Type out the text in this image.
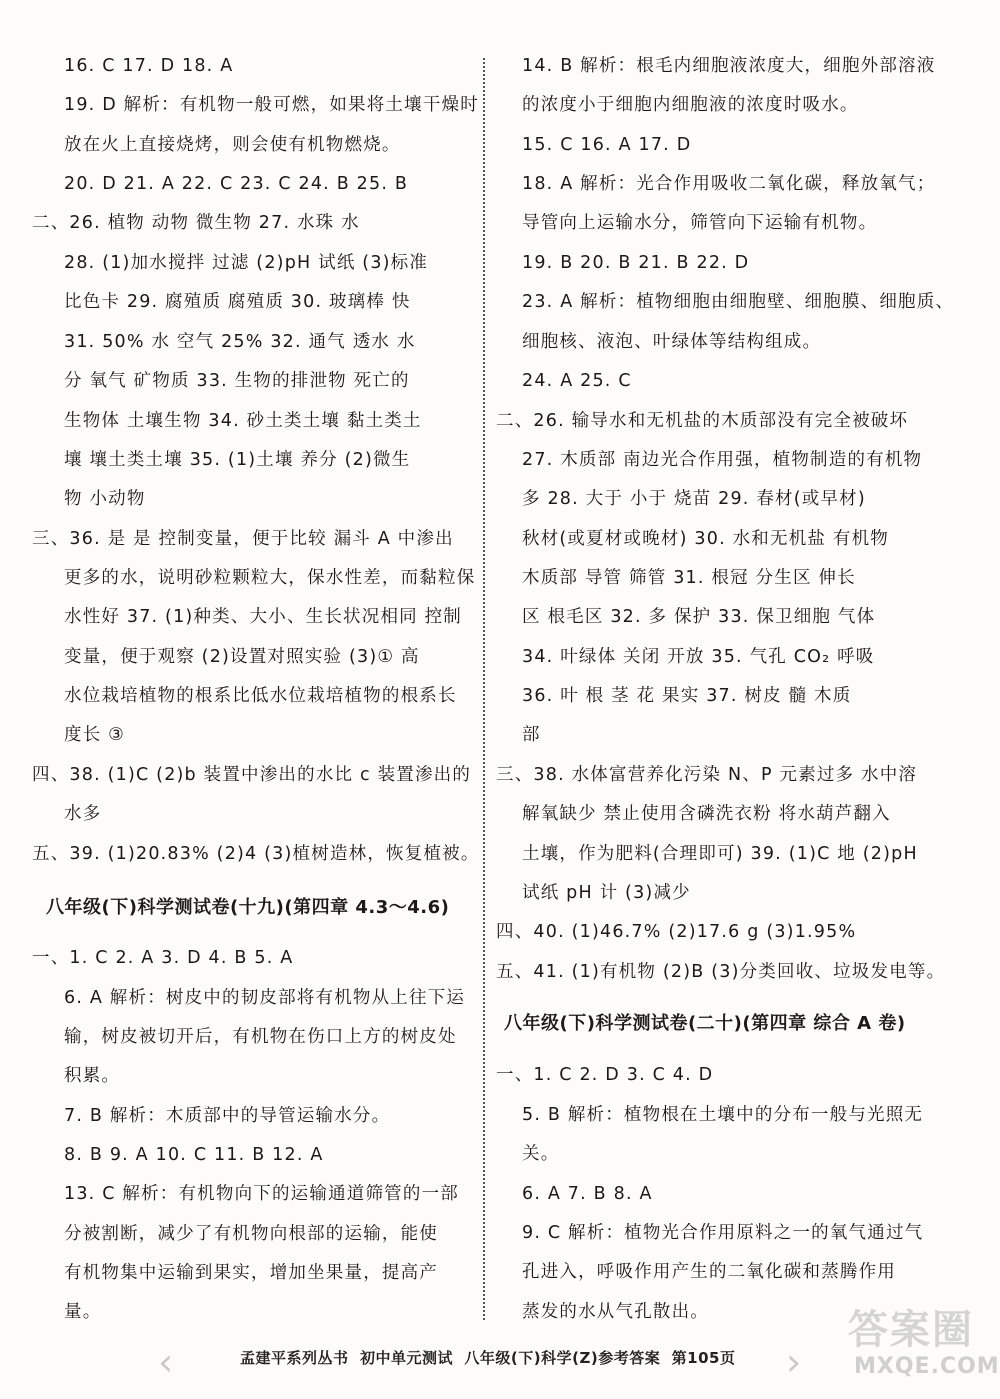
16. C 17. D 18. A
19. D 解析：有机物一般可燃，如果将土壤干燥时
放在火上直接烧烤，则会使有机物燃烧。
20. D 21. A 22. C 23. C 24. B 25. B
二、26. 植物 动物 微生物 27. 水珠 水
28. (1)加水搅拌 过滤 (2)pH 试纸 (3)标准
比色卡 29. 腐殖质 腐殖质 30. 玻璃棒 快
31. 50% 水 空气 25% 32. 通气 透水 水
分 氧气 矿物质 33. 生物的排泄物 死亡的
生物体 土壤生物 34. 砂土类土壤 黏土类土
壤 壤土类土壤 35. (1)土壤 养分 (2)微生
物 小动物
三、36. 是 是 控制变量，便于比较 漏斗 A 中渗出
更多的水，说明砂粒颗粒大，保水性差，而黏粒保
水性好 37. (1)种类、大小、生长状况相同 控制
变量，便于观察 (2)设置对照实验 (3)① 高
水位栽培植物的根系比低水位栽培植物的根系长
度长 ③
四、38. (1)C (2)b 装置中渗出的水比 c 装置渗出的
水多
五、39. (1)20.83% (2)4 (3)植树造林，恢复植被。
八年级(下)科学测试卷(十九)(第四章 4.3～4.6)
一、1. C 2. A 3. D 4. B 5. A
6. A 解析：树皮中的韧皮部将有机物从上往下运
输，树皮被切开后，有机物在伤口上方的树皮处
积累。
7. B 解析：木质部中的导管运输水分。
8. B 9. A 10. C 11. B 12. A
13. C 解析：有机物向下的运输通道筛管的一部
分被割断，减少了有机物向根部的运输，能使
有机物集中运输到果实，增加坐果量，提高产
量。
14. B 解析：根毛内细胞液浓度大，细胞外部溶液
的浓度小于细胞内细胞液的浓度时吸水。
15. C 16. A 17. D
18. A 解析：光合作用吸收二氧化碳，释放氧气；
导管向上运输水分，筛管向下运输有机物。
19. B 20. B 21. B 22. D
23. A 解析：植物细胞由细胞壁、细胞膜、细胞质、
细胞核、液泡、叶绿体等结构组成。
24. A 25. C
二、26. 输导水和无机盐的木质部没有完全被破坏
27. 木质部 南边光合作用强，植物制造的有机物
多 28. 大于 小于 烧苗 29. 春材(或早材)
秋材(或夏材或晚材) 30. 水和无机盐 有机物
木质部 导管 筛管 31. 根冠 分生区 伸长
区 根毛区 32. 多 保护 33. 保卫细胞 气体
34. 叶绿体 关闭 开放 35. 气孔 CO₂ 呼吸
36. 叶 根 茎 花 果实 37. 树皮 髓 木质
部
三、38. 水体富营养化污染 N、P 元素过多 水中溶
解氧缺少 禁止使用含磷洗衣粉 将水葫芦翻入
土壤，作为肥料(合理即可) 39. (1)C 地 (2)pH
试纸 pH 计 (3)减少
四、40. (1)46.7% (2)17.6 g (3)1.95%
五、41. (1)有机物 (2)B (3)分类回收、垃圾发电等。
八年级(下)科学测试卷(二十)(第四章 综合 A 卷)
一、1. C 2. D 3. C 4. D
5. B 解析：植物根在土壤中的分布一般与光照无
关。
6. A 7. B 8. A
9. C 解析：植物光合作用原料之一的氧气通过气
孔进入，呼吸作用产生的二氧化碳和蒸腾作用
蒸发的水从气孔散出。
‹	孟建平系列丛书  初中单元测试  八年级(下)科学(Z)参考答案  第105页 ›
答案圈
MXQE.COM
